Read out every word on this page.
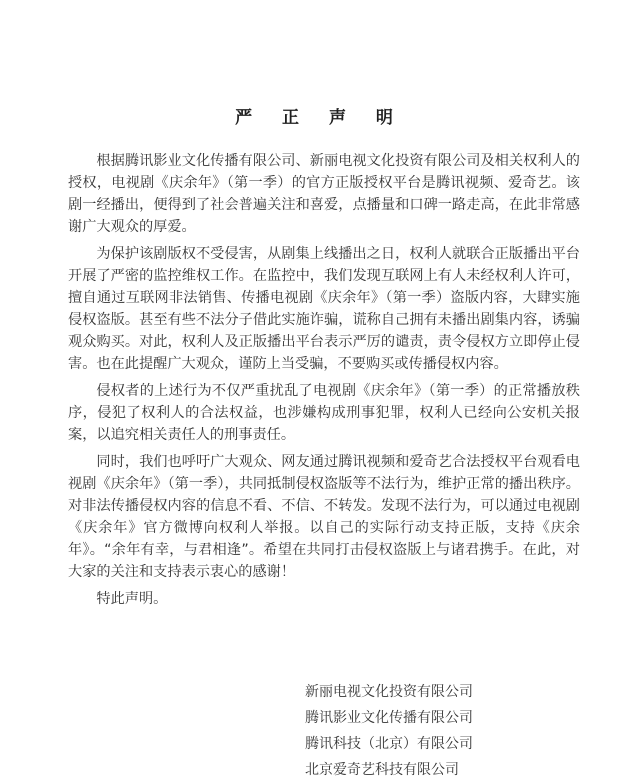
严 正 声 明

根据腾讯影业文化传播有限公司、新丽电视文化投资有限公司及相关权利人的授权，电视剧《庆余年》（第一季）的官方正版授权平台是腾讯视频、爱奇艺。该剧一经播出，便得到了社会普遍关注和喜爱，点播量和口碑一路走高，在此非常感谢广大观众的厚爱。

为保护该剧版权不受侵害，从剧集上线播出之日，权利人就联合正版播出平台开展了严密的监控维权工作。在监控中，我们发现互联网上有人未经权利人许可，擅自通过互联网非法销售、传播电视剧《庆余年》（第一季）盗版内容，大肆实施侵权盗版。甚至有些不法分子借此实施诈骗，谎称自己拥有未播出剧集内容，诱骗观众购买。对此，权利人及正版播出平台表示严厉的谴责，责令侵权方立即停止侵害。也在此提醒广大观众，谨防上当受骗，不要购买或传播侵权内容。

侵权者的上述行为不仅严重扰乱了电视剧《庆余年》（第一季）的正常播放秩序，侵犯了权利人的合法权益，也涉嫌构成刑事犯罪，权利人已经向公安机关报案，以追究相关责任人的刑事责任。

同时，我们也呼吁广大观众、网友通过腾讯视频和爱奇艺合法授权平台观看电视剧《庆余年》（第一季），共同抵制侵权盗版等不法行为，维护正常的播出秩序。对非法传播侵权内容的信息不看、不信、不转发。发现不法行为，可以通过电视剧《庆余年》官方微博向权利人举报。以自己的实际行动支持正版，支持《庆余年》。“余年有幸，与君相逢”。希望在共同打击侵权盗版上与诸君携手。在此，对大家的关注和支持表示衷心的感谢！

特此声明。

新丽电视文化投资有限公司
腾讯影业文化传播有限公司
腾讯科技（北京）有限公司
北京爱奇艺科技有限公司
